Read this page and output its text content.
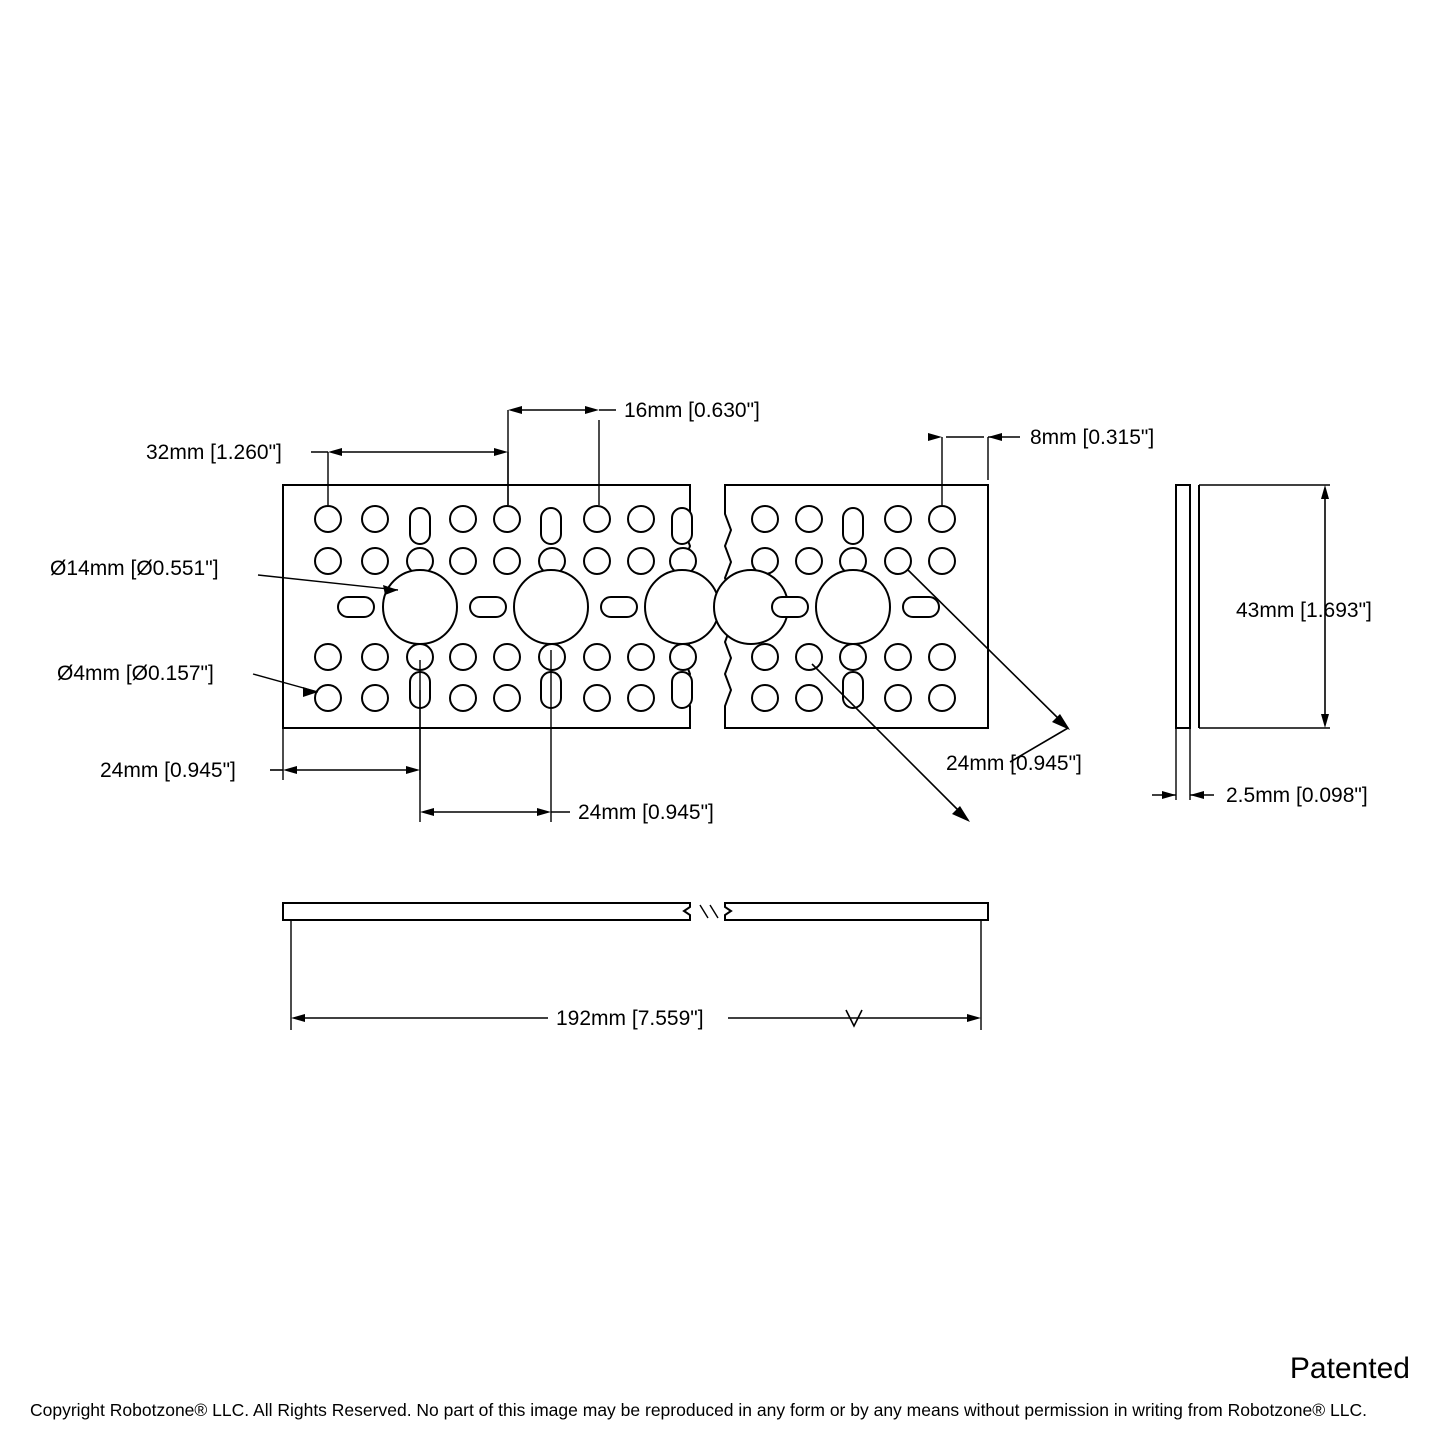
16mm [0.630"]
32mm [1.260"]
8mm [0.315"]
Ø14mm [Ø0.551"]
Ø4mm [Ø0.157"]
43mm [1.693"]
2.5mm [0.098"]
24mm [0.945"]
24mm [0.945"]
24mm [0.945"]
192mm [7.559"]
Patented
Copyright Robotzone® LLC. All Rights Reserved. No part of this image may be reproduced in any form or by any means without permission in writing from Robotzone® LLC.
